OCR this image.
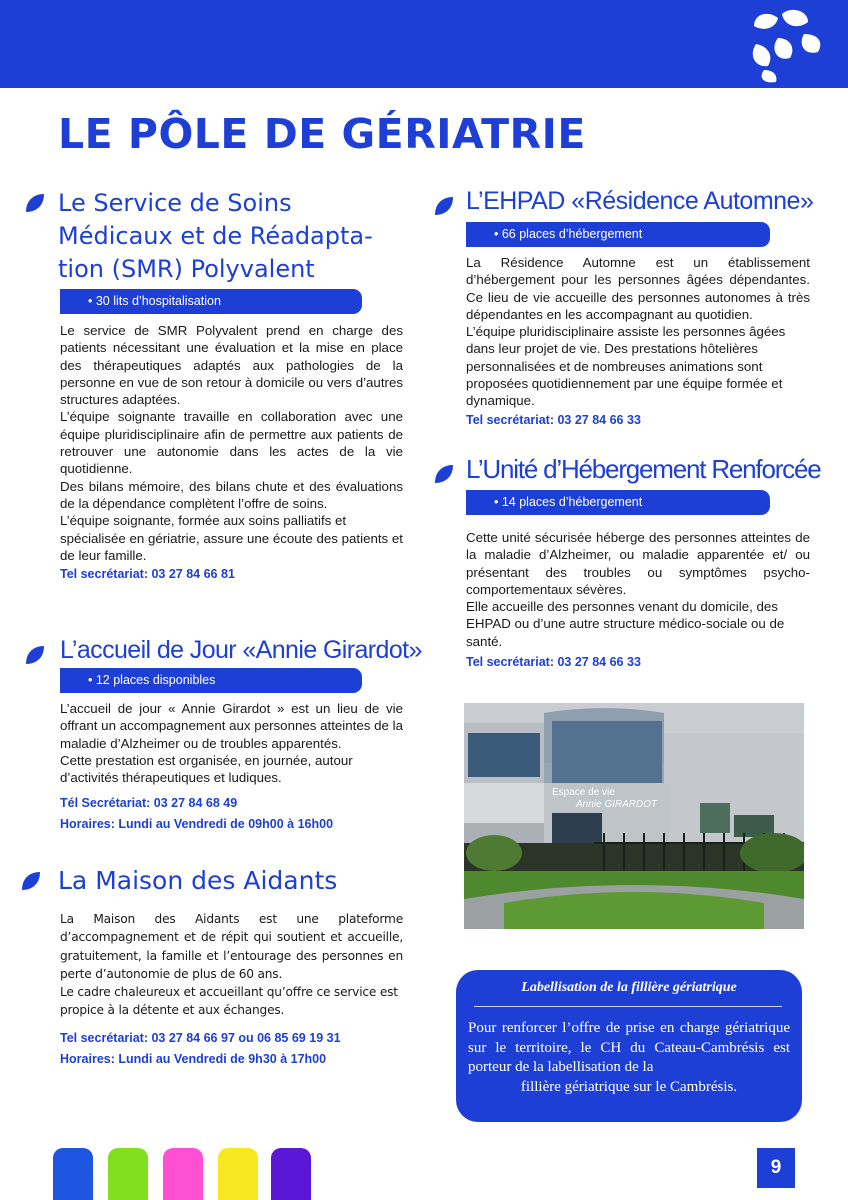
LE PÔLE DE GÉRIATRIE
Le Service de Soins
Médicaux et de Réadapta-
tion (SMR) Polyvalent
• 30 lits d’hospitalisation

Le service de SMR Polyvalent prend en charge des patients nécessitant une évaluation et la mise en place des thérapeutiques adaptés aux pathologies de la personne en vue de son retour à domicile ou vers d’autres structures adaptées.

L’équipe soignante travaille en collaboration avec une équipe pluridisciplinaire afin de permettre aux patients de retrouver une autonomie dans les actes de la vie quotidienne.

Des bilans mémoire, des bilans chute et des évaluations de la dépendance complètent l’offre de soins.

L’équipe soignante, formée aux soins palliatifs et spécialisée en gériatrie, assure une écoute des patients et de leur famille.

Tel secrétariat: 03 27 84 66 81
L’accueil de Jour «Annie Girardot»
• 12 places disponibles

L’accueil de jour « Annie Girardot » est un lieu de vie offrant un accompagnement aux personnes atteintes de la maladie d’Alzheimer ou de troubles apparentés.

Cette prestation est organisée, en journée, autour d’activités thérapeutiques et ludiques.

Tél Secrétariat: 03 27 84 68 49
Horaires: Lundi au Vendredi de 09h00 à 16h00
La Maison des Aidants

La Maison des Aidants est une plateforme d’accompagnement et de répit qui soutient et accueille, gratuitement, la famille et l’entourage des personnes en perte d’autonomie de plus de 60 ans.

Le cadre chaleureux et accueillant qu’offre ce service est propice à la détente et aux échanges.

Tel secrétariat: 03 27 84 66 97 ou 06 85 69 19 31
Horaires: Lundi au Vendredi de 9h30 à 17h00
L’EHPAD «Résidence Automne»
• 66 places d’hébergement

La Résidence Automne est un établissement d’hébergement pour les personnes âgées dépendantes. Ce lieu de vie accueille des personnes autonomes à très dépendantes en les accompagnant au quotidien.

L’équipe pluridisciplinaire assiste les personnes âgées dans leur projet de vie. Des prestations hôtelières personnalisées et de nombreuses animations sont proposées quotidiennement par une équipe formée et dynamique.

Tel secrétariat: 03 27 84 66 33
L’Unité d’Hébergement Renforcée
• 14 places d’hébergement

Cette unité sécurisée héberge des personnes atteintes de la maladie d’Alzheimer, ou maladie apparentée et/ ou présentant des troubles ou symptômes psycho-comportementaux sévères.

Elle accueille des personnes venant du domicile, des EHPAD ou d’une autre structure médico-sociale ou de santé.

Tel secrétariat: 03 27 84 66 33
Espace de vie
Annie GIRARDOT
Labellisation de la fillière gériatrique
Pour renforcer l’offre de prise en charge gériatrique sur le territoire, le CH du Cateau-Cambrésis est porteur de la labellisation de la
fillière gériatrique sur le Cambrésis.
9
